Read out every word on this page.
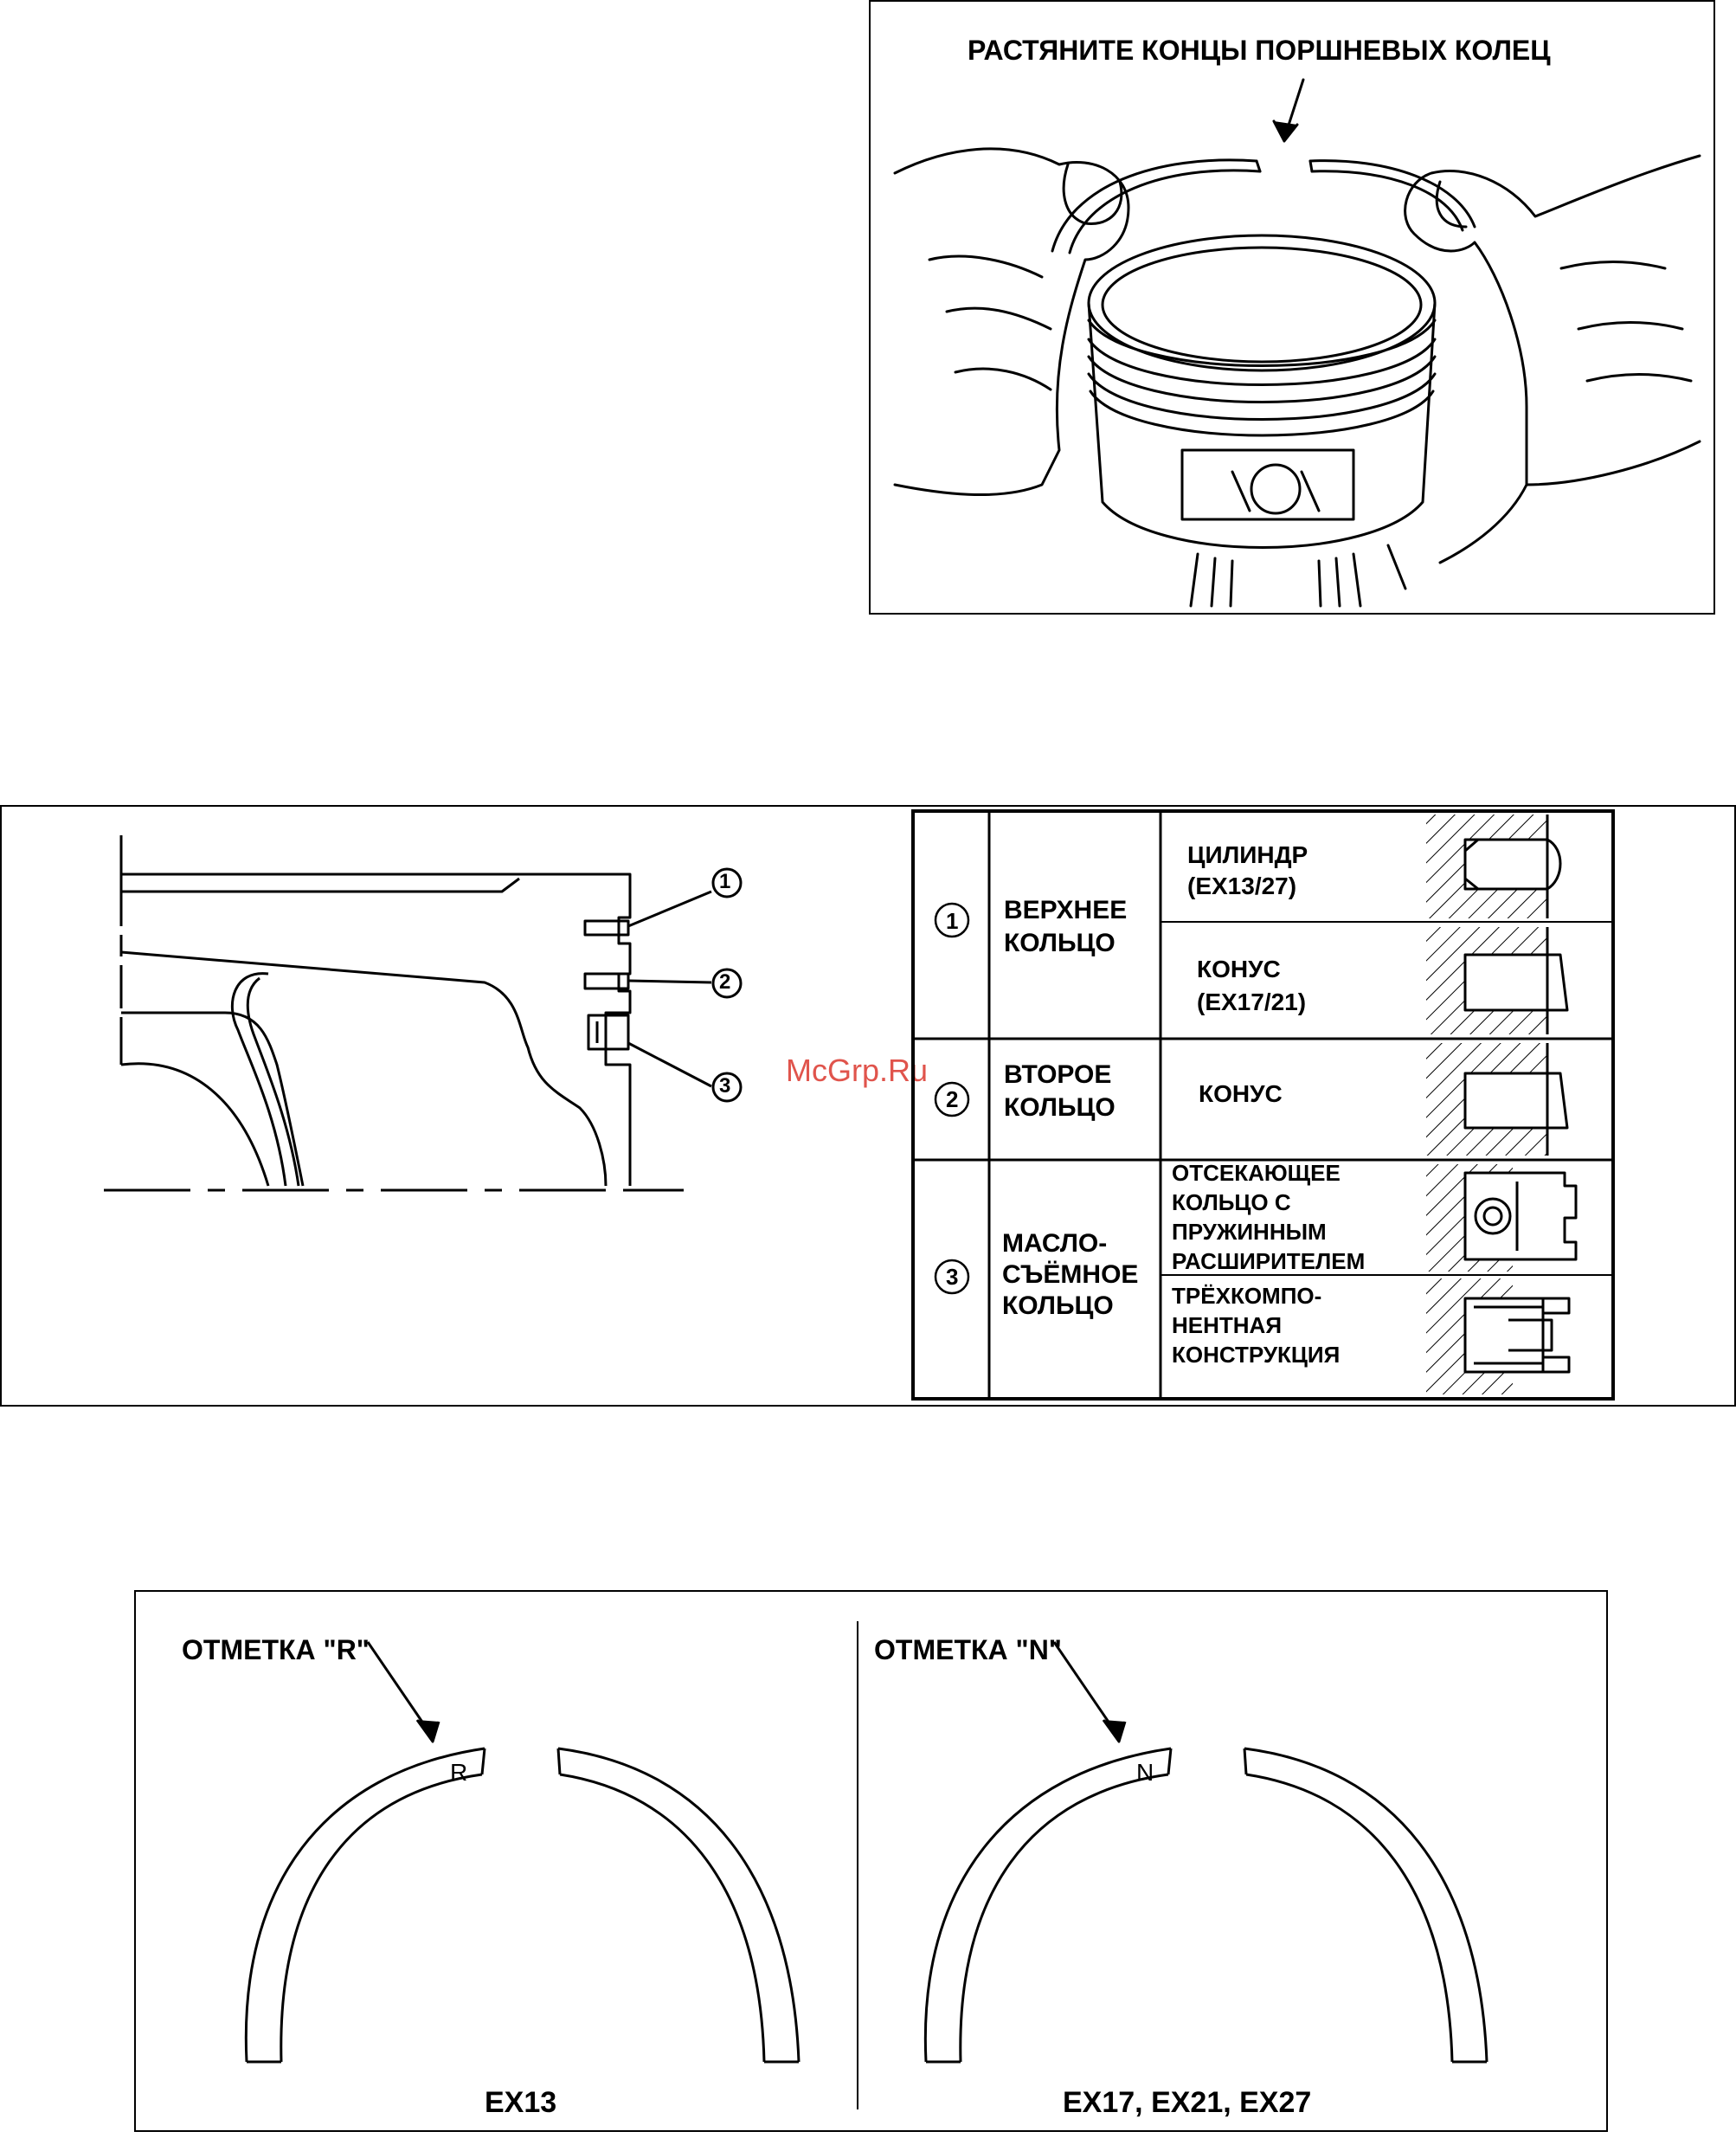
РАСТЯНИТЕ КОНЦЫ ПОРШНЕВЫХ КОЛЕЦ
1
2
3 McGrp.Ru
1 ВЕРХНЕЕ
КОЛЬЦО
ЦИЛИНДР
(EX13/27)
КОНУС
(EX17/21)
2
ВТОРОЕ
КОЛЬЦО	КОНУС
3
МАСЛО-
СЪЁМНОЕ
КОЛЬЦО
ОТСЕКАЮЩЕЕ
КОЛЬЦО С
ПРУЖИННЫМ
РАСШИРИТЕЛЕМ
ТРЁХКОМПО-
НЕНТНАЯ
КОНСТРУКЦИЯ
ОТМЕТКА "R"
R
EX13
ОТМЕТКА "N"
N
EX17, EX21, EX27
